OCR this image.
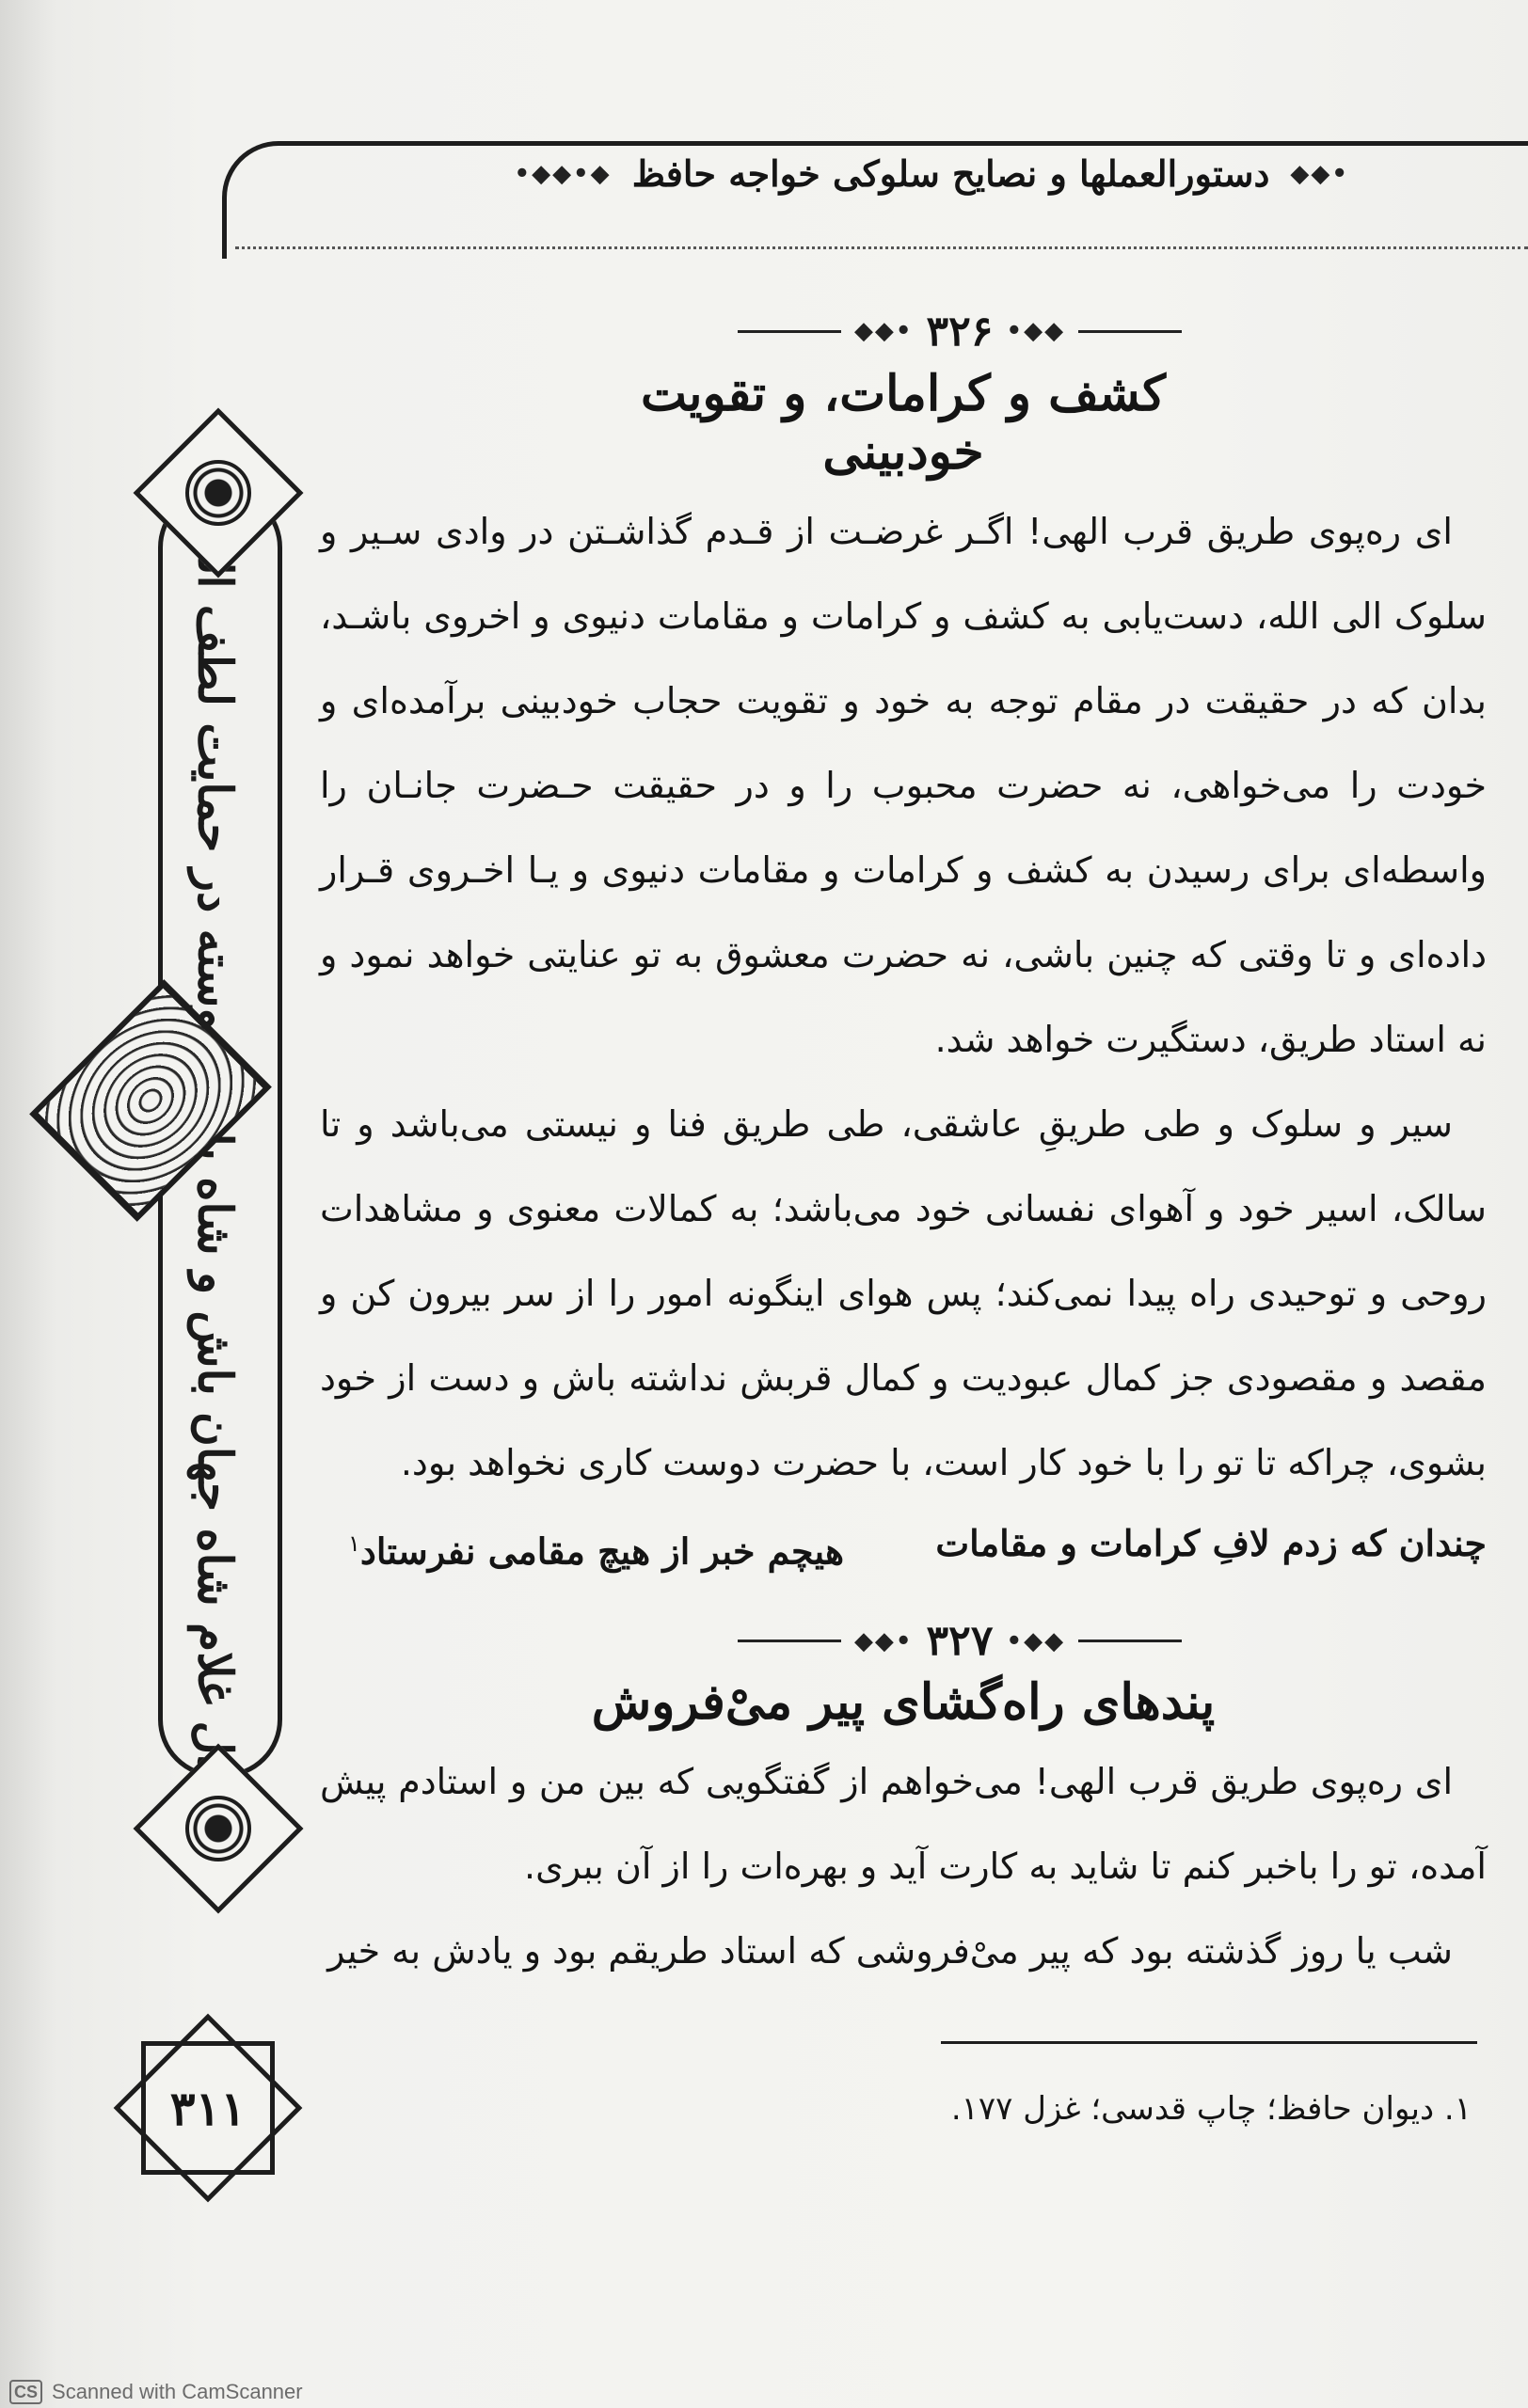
•◆◆
دستورالعملها و نصایح سلوکی خواجه حافظ
◆•◆◆•
غلام شاه جهان باش و شاه پیوسته در حمایت لطف
۳۱۱
◆◆•
۳۲۶
•◆◆
کشف و کرامات، و تقویت خودبینی

ای ره‌پوی طریق قرب الهی! اگـر غرضـت از قـدم گذاشـتن در وادی سـیر و سلوک الی الله، دست‌یابی به کشف و کرامات و مقامات دنیوی و اخروی باشـد، بدان که در حقیقت در مقام توجه به خود و تقویت حجاب خودبینی برآمده‌ای و خودت را می‌خواهی، نه حضرت محبوب را و در حقیقت حـضرت جانـان را واسطه‌ای برای رسیدن به کشف و کرامات و مقامات دنیوی و یـا اخـروی قـرار داده‌ای و تا وقتی که چنین باشی، نه حضرت معشوق به تو عنایتی خواهد نمود و نه استاد طریق، دستگیرت خواهد شد.

سیر و سلوک و طی طریقِ عاشقی، طی طریق فنا و نیستی می‌باشد و تا سالک، اسیر خود و آهوای نفسانی خود می‌باشد؛ به کمالات معنوی و مشاهدات روحی و توحیدی راه پیدا نمی‌کند؛ پس هوای اینگونه امور را از سر بیرون کن و مقصد و مقصودی جز کمال عبودیت و کمال قربش نداشته باش و دست از خود بشوی، چراکه تا تو را با خود کار است، با حضرت دوست کاری نخواهد بود.

چندان که زدم لافِ کرامات و مقامات
هیچم خبر از هیچ مقامی نفرستاد$^۱$
◆◆•
۳۲۷
•◆◆
پندهای راه‌گشای پیر میْ‌فروش

ای ره‌پوی طریق قرب الهی! می‌خواهم از گفتگویی که بین من و استادم پیش آمده، تو را باخبر کنم تا شاید به کارت آید و بهره‌ات را از آن ببری.

شب یا روز گذشته بود که پیر میْ‌فروشی که استاد طریقم بود و یادش به خیر

۱. دیوان حافظ؛ چاپ قدسی؛ غزل ۱۷۷.
CS Scanned with CamScanner
